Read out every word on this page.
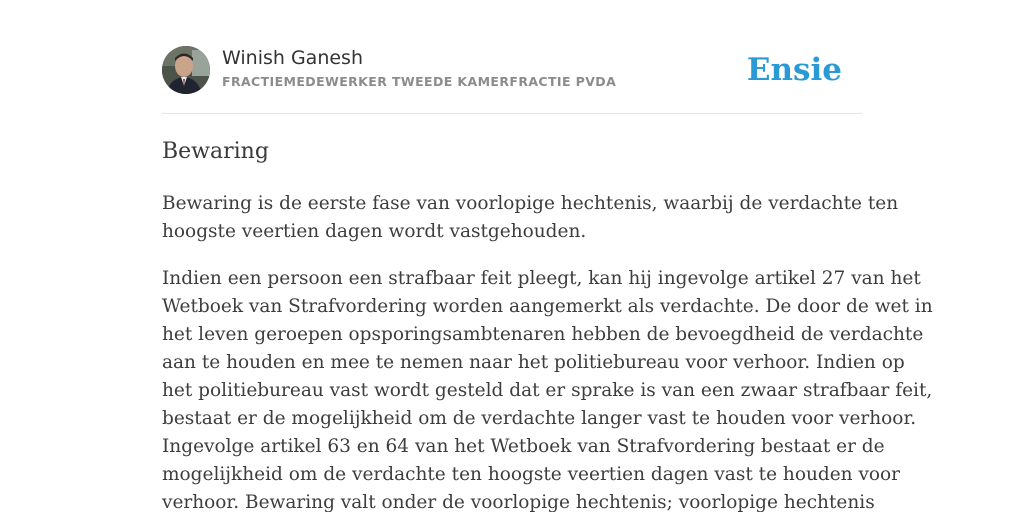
Winish Ganesh
FRACTIEMEDEWERKER TWEEDE KAMERFRACTIE PVDA	Ensie
Bewaring

Bewaring is de eerste fase van voorlopige hechtenis, waarbij de verdachte ten
hoogste veertien dagen wordt vastgehouden.

Indien een persoon een strafbaar feit pleegt, kan hij ingevolge artikel 27 van het
Wetboek van Strafvordering worden aangemerkt als verdachte. De door de wet in
het leven geroepen opsporingsambtenaren hebben de bevoegdheid de verdachte
aan te houden en mee te nemen naar het politiebureau voor verhoor. Indien op
het politiebureau vast wordt gesteld dat er sprake is van een zwaar strafbaar feit,
bestaat er de mogelijkheid om de verdachte langer vast te houden voor verhoor.
Ingevolge artikel 63 en 64 van het Wetboek van Strafvordering bestaat er de
mogelijkheid om de verdachte ten hoogste veertien dagen vast te houden voor
verhoor. Bewaring valt onder de voorlopige hechtenis; voorlopige hechtenis
